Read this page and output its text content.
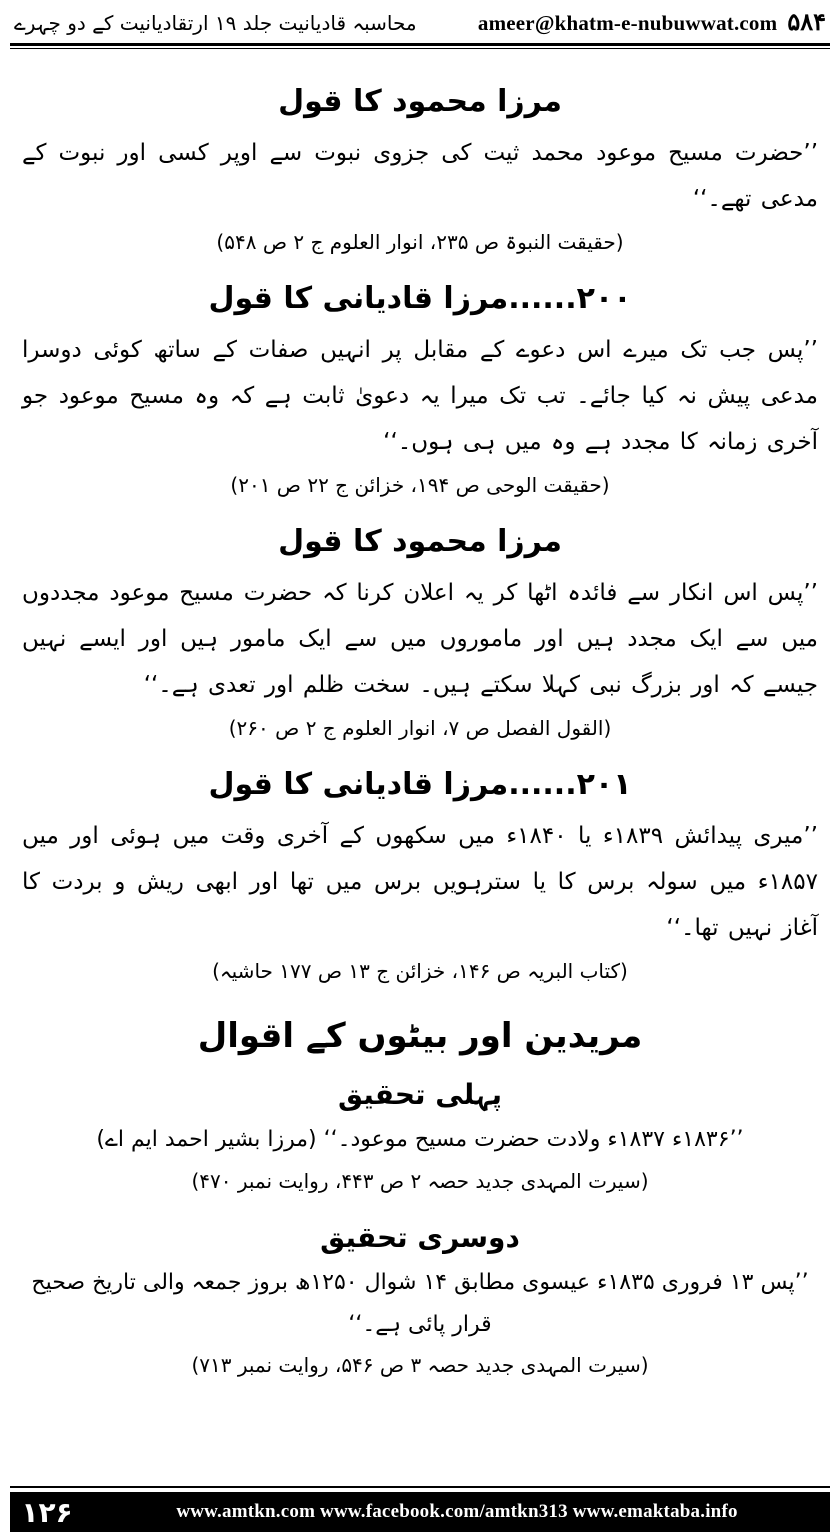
ameer@khatm-e-nubuwwat.com ۵۸۴
محاسبہ قادیانیت جلد ۱۹ ارتقادیانیت کے دو چہرے
مرزا محمود کا قول
’’حضرت مسیح موعود محمد ثیت کی جزوی نبوت سے اوپر کسی اور نبوت کے مدعی تھے۔‘‘
(حقیقت النبوۃ ص ۲۳۵، انوار العلوم ج ۲ ص ۵۴۸)
۲۰۰......مرزا قادیانی کا قول
’’پس جب تک میرے اس دعوے کے مقابل پر انہیں صفات کے ساتھ کوئی دوسرا مدعی پیش نہ کیا جائے۔ تب تک میرا یہ دعویٰ ثابت ہے کہ وہ مسیح موعود جو آخری زمانہ کا مجدد ہے وہ میں ہی ہوں۔‘‘
(حقیقت الوحی ص ۱۹۴، خزائن ج ۲۲ ص ۲۰۱)
مرزا محمود کا قول
’’پس اس انکار سے فائدہ اٹھا کر یہ اعلان کرنا کہ حضرت مسیح موعود مجددوں میں سے ایک مجدد ہیں اور ماموروں میں سے ایک مامور ہیں اور ایسے نہیں جیسے کہ اور بزرگ نبی کہلا سکتے ہیں۔ سخت ظلم اور تعدی ہے۔‘‘
(القول الفصل ص ۷، انوار العلوم ج ۲ ص ۲۶۰)
۲۰۱......مرزا قادیانی کا قول
’’میری پیدائش ۱۸۳۹ء یا ۱۸۴۰ء میں سکھوں کے آخری وقت میں ہوئی اور میں ۱۸۵۷ء میں سولہ برس کا یا سترہویں برس میں تھا اور ابھی ریش و بردت کا آغاز نہیں تھا۔‘‘
(کتاب البریہ ص ۱۴۶، خزائن ج ۱۳ ص ۱۷۷ حاشیہ)
مریدین اور بیٹوں کے اقوال
پہلی تحقیق
’’۱۸۳۶ء ۱۸۳۷ء ولادت حضرت مسیح موعود۔‘‘ (مرزا بشیر احمد ایم اے)
(سیرت المہدی جدید حصہ ۲ ص ۴۴۳، روایت نمبر ۴۷۰)
دوسری تحقیق
’’پس ۱۳ فروری ۱۸۳۵ء عیسوی مطابق ۱۴ شوال ۱۲۵۰ھ بروز جمعہ والی تاریخ صحیح قرار پائی ہے۔‘‘
(سیرت المہدی جدید حصہ ۳ ص ۵۴۶، روایت نمبر ۷۱۳)
۱۲۶	www.amtkn.com www.facebook.com/amtkn313 www.emaktaba.info
